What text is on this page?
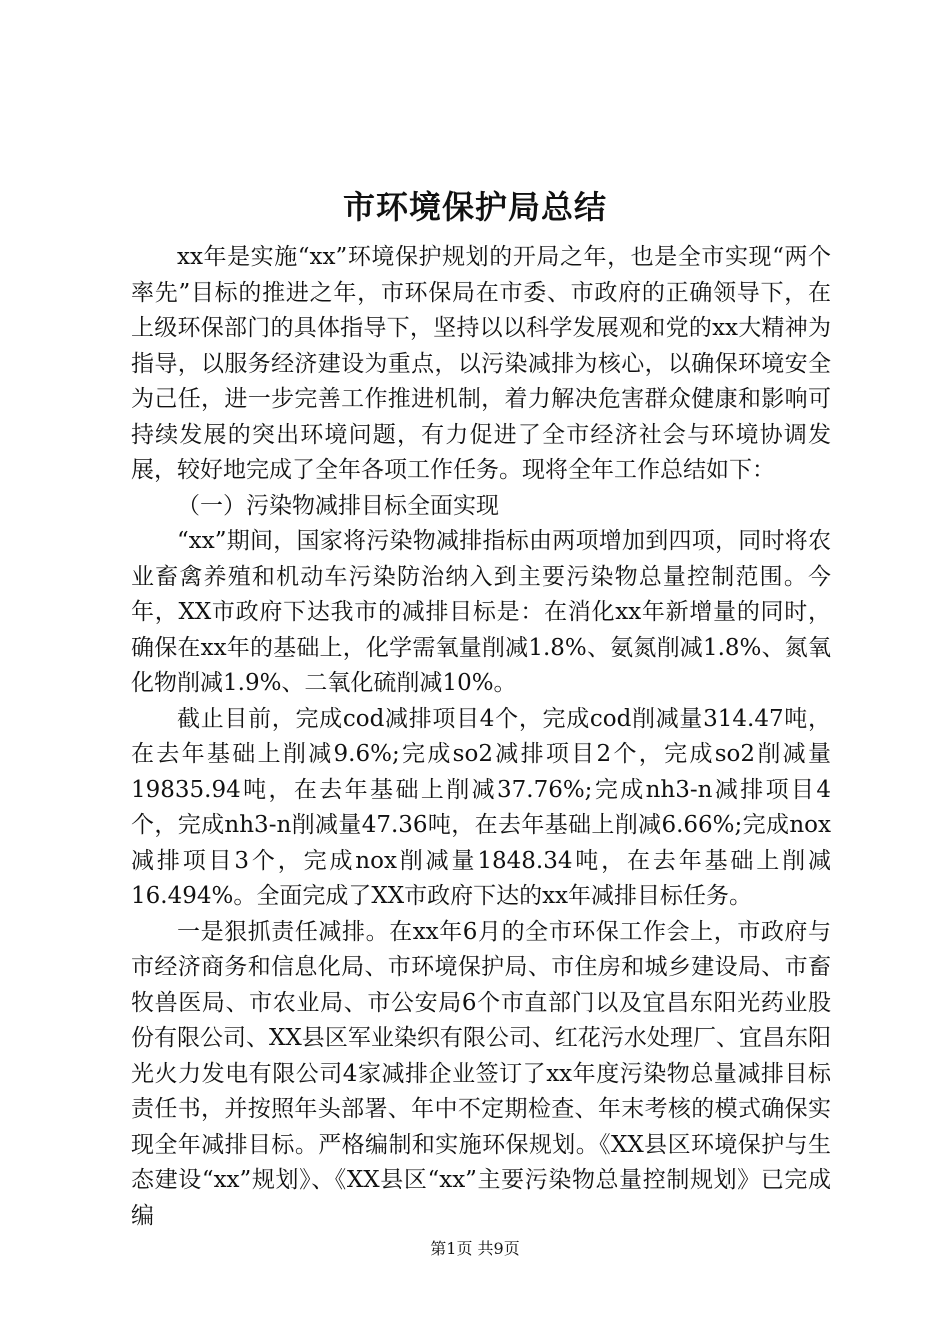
市环境保护局总结

xx年是实施“xx”环境保护规划的开局之年，也是全市实现“两个率先”目标的推进之年，市环保局在市委、市政府的正确领导下，在上级环保部门的具体指导下，坚持以以科学发展观和党的xx大精神为指导，以服务经济建设为重点，以污染减排为核心，以确保环境安全为己任，进一步完善工作推进机制，着力解决危害群众健康和影响可持续发展的突出环境问题，有力促进了全市经济社会与环境协调发展，较好地完成了全年各项工作任务。现将全年工作总结如下：

（一）污染物减排目标全面实现

“xx”期间，国家将污染物减排指标由两项增加到四项，同时将农业畜禽养殖和机动车污染防治纳入到主要污染物总量控制范围。今年，XX市政府下达我市的减排目标是：在消化xx年新增量的同时，确保在xx年的基础上，化学需氧量削减1.8%、氨氮削减1.8%、氮氧化物削减1.9%、二氧化硫削减10%。

截止目前，完成cod减排项目4个，完成cod削减量314.47吨，在去年基础上削减9.6%;完成so2减排项目2个，完成so2削减量19835.94吨，在去年基础上削减37.76%;完成nh3-n减排项目4个，完成nh3-n削减量47.36吨，在去年基础上削减6.66%;完成nox减排项目3个，完成nox削减量1848.34吨，在去年基础上削减16.494%。全面完成了XX市政府下达的xx年减排目标任务。

一是狠抓责任减排。在xx年6月的全市环保工作会上，市政府与市经济商务和信息化局、市环境保护局、市住房和城乡建设局、市畜牧兽医局、市农业局、市公安局6个市直部门以及宜昌东阳光药业股份有限公司、XX县区军业染织有限公司、红花污水处理厂、宜昌东阳光火力发电有限公司4家减排企业签订了xx年度污染物总量减排目标责任书，并按照年头部署、年中不定期检查、年末考核的模式确保实现全年减排目标。严格编制和实施环保规划。《XX县区环境保护与生态建设“xx”规划》、《XX县区“xx”主要污染物总量控制规划》已完成编

第1页 共9页
